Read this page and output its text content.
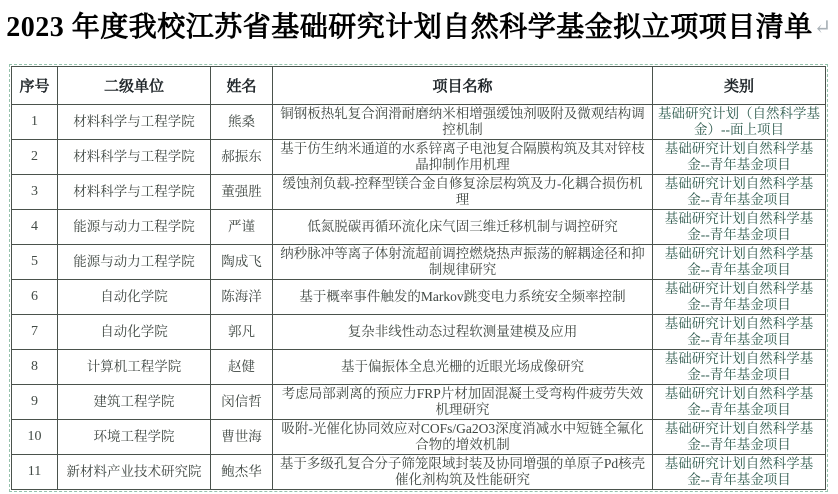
2023 年度我校江苏省基础研究计划自然科学基金拟立项项目清单↵
序号	二级单位	姓名	项目名称	类别
1	材料科学与工程学院	熊桑	铜钢板热轧复合润滑耐磨纳米相增强缓蚀剂吸附及微观结构调控机制	基础研究计划（自然科学基金）--面上项目
2	材料科学与工程学院	郝振东	基于仿生纳米通道的水系锌离子电池复合隔膜构筑及其对锌枝晶抑制作用机理	基础研究计划自然科学基金--青年基金项目
3	材料科学与工程学院	董强胜	缓蚀剂负载-控释型镁合金自修复涂层构筑及力-化耦合损伤机理	基础研究计划自然科学基金--青年基金项目
4	能源与动力工程学院	严谨	低氮脱碳再循环流化床气固三维迁移机制与调控研究	基础研究计划自然科学基金--青年基金项目
5	能源与动力工程学院	陶成飞	纳秒脉冲等离子体射流超前调控燃烧热声振荡的解耦途径和抑制规律研究	基础研究计划自然科学基金--青年基金项目
6	自动化学院	陈海洋	基于概率事件触发的Markov跳变电力系统安全频率控制	基础研究计划自然科学基金--青年基金项目
7	自动化学院	郭凡	复杂非线性动态过程软测量建模及应用	基础研究计划自然科学基金--青年基金项目
8	计算机工程学院	赵健	基于偏振体全息光栅的近眼光场成像研究	基础研究计划自然科学基金--青年基金项目
9	建筑工程学院	闵信哲	考虑局部剥离的预应力FRP片材加固混凝土受弯构件疲劳失效机理研究	基础研究计划自然科学基金--青年基金项目
10	环境工程学院	曹世海	吸附-光催化协同效应对COFs/Ga2O3深度消减水中短链全氟化合物的增效机制	基础研究计划自然科学基金--青年基金项目
11	新材料产业技术研究院	鲍杰华	基于多级孔复合分子筛笼限域封装及协同增强的单原子Pd核壳催化剂构筑及性能研究	基础研究计划自然科学基金--青年基金项目
